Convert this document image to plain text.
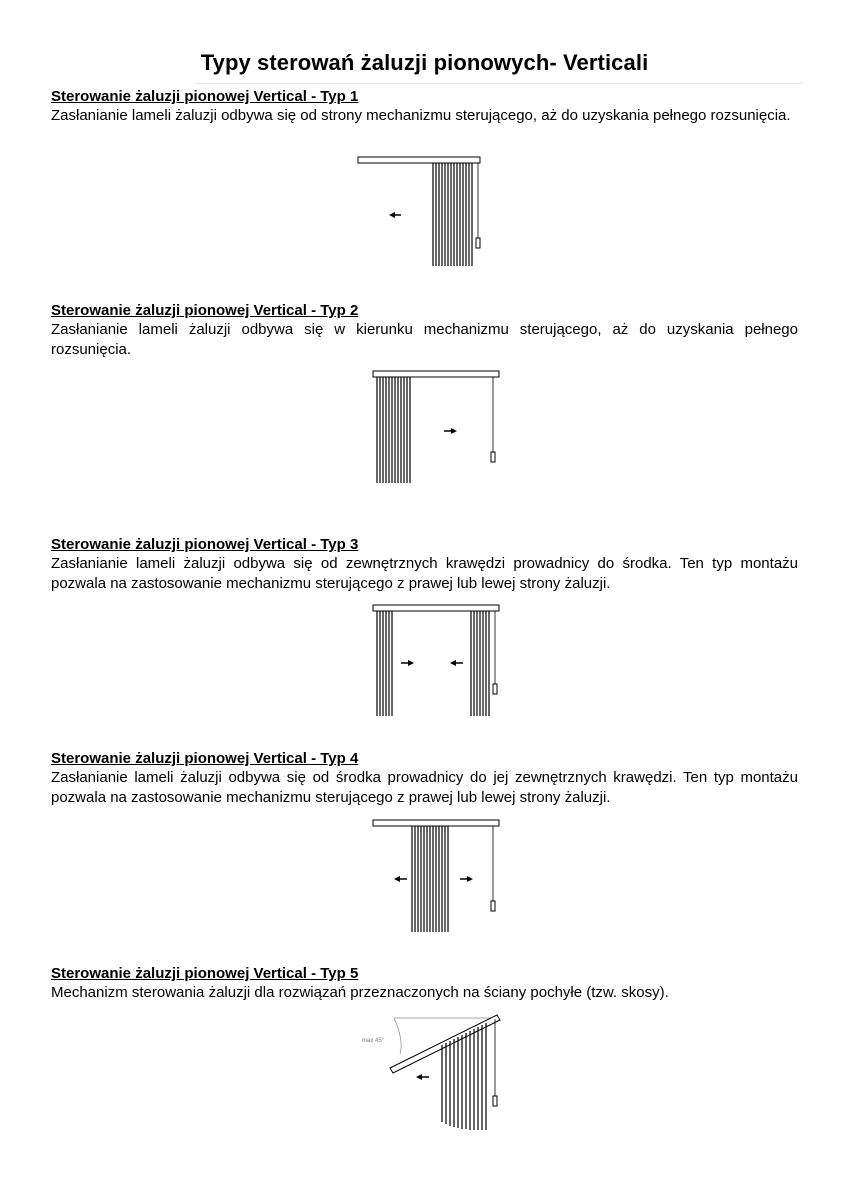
Typy sterowań żaluzji pionowych- Verticali

Sterowanie żaluzji pionowej Vertical - Typ 1

Zasłanianie lameli żaluzji odbywa się od strony mechanizmu sterującego, aż do uzyskania pełnego rozsunięcia.

Sterowanie żaluzji pionowej Vertical - Typ 2

Zasłanianie lameli żaluzji odbywa się w kierunku mechanizmu sterującego, aż do uzyskania pełnego rozsunięcia.

Sterowanie żaluzji pionowej Vertical - Typ 3

Zasłanianie lameli żaluzji odbywa się od zewnętrznych krawędzi prowadnicy do środka. Ten typ montażu pozwala na zastosowanie mechanizmu sterującego z prawej lub lewej strony żaluzji.

Sterowanie żaluzji pionowej Vertical - Typ 4

Zasłanianie lameli żaluzji odbywa się od środka prowadnicy do jej zewnętrznych krawędzi. Ten typ montażu pozwala na zastosowanie mechanizmu sterującego z prawej lub lewej strony żaluzji.

Sterowanie żaluzji pionowej Vertical - Typ 5

Mechanizm sterowania żaluzji dla rozwiązań przeznaczonych na ściany pochyłe (tzw. skosy).

max 45°
